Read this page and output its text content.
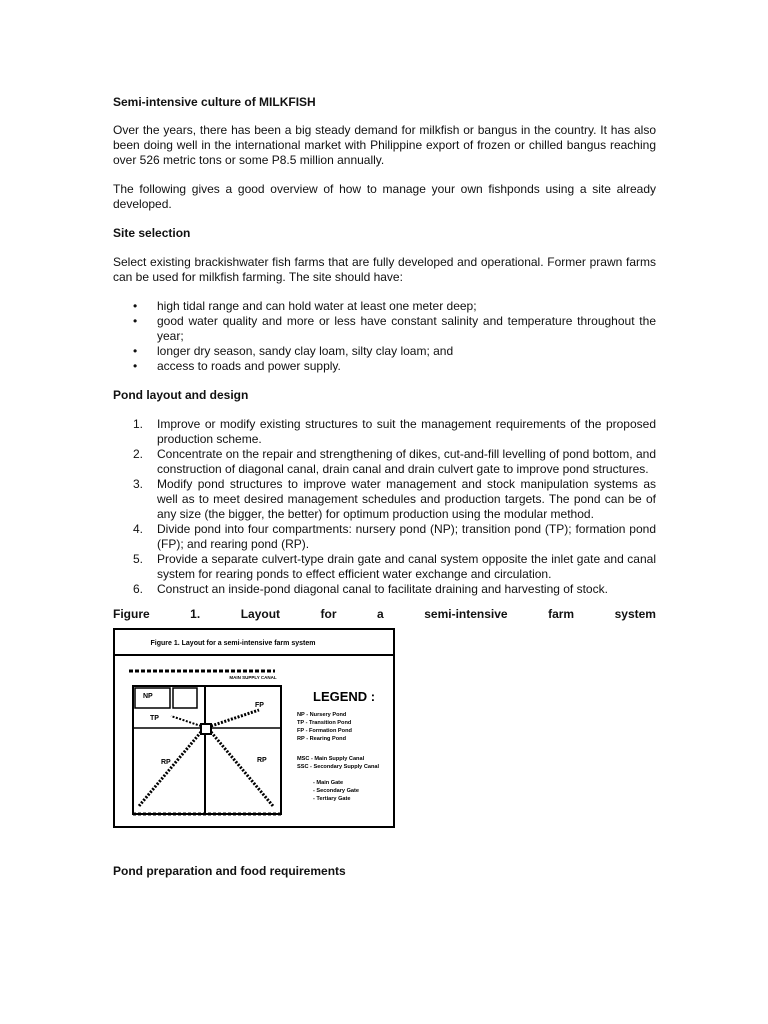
Semi-intensive culture of MILKFISH

Over the years, there has been a big steady demand for milkfish or bangus in the country. It has also been doing well in the international market with Philippine export of frozen or chilled bangus reaching over 526 metric tons or some P8.5 million annually.

The following gives a good overview of how to manage your own fishponds using a site already developed.

Site selection

Select existing brackishwater fish farms that are fully developed and operational. Former prawn farms can be used for milkfish farming. The site should have:

• high tidal range and can hold water at least one meter deep;
• good water quality and more or less have constant salinity and temperature throughout the year;
• longer dry season, sandy clay loam, silty clay loam; and
• access to roads and power supply.

Pond layout and design

1. Improve or modify existing structures to suit the management requirements of the proposed production scheme.
2. Concentrate on the repair and strengthening of dikes, cut-and-fill levelling of pond bottom, and construction of diagonal canal, drain canal and drain culvert gate to improve pond structures.
3. Modify pond structures to improve water management and stock manipulation systems as well as to meet desired management schedules and production targets. The pond can be of any size (the bigger, the better) for optimum production using the modular method.
4. Divide pond into four compartments: nursery pond (NP); transition pond (TP); formation pond (FP); and rearing pond (RP).
5. Provide a separate culvert-type drain gate and canal system opposite the inlet gate and canal system for rearing ponds to effect efficient water exchange and circulation.
6. Construct an inside-pond diagonal canal to facilitate draining and harvesting of stock.
Figure	1.	Layout	for	a	semi-intensive	farm	system
Figure 1. Layout for a semi-intensive farm system
MAIN SUPPLY CANAL
NP
TP
FP
RP	RP
LEGEND :
NP - Nursery Pond
TP - Transition Pond
FP - Formation Pond
RP - Rearing Pond
MSC - Main Supply Canal
SSC - Secondary Supply Canal
- Main Gate
- Secondary Gate
- Tertiary Gate

Pond preparation and food requirements
